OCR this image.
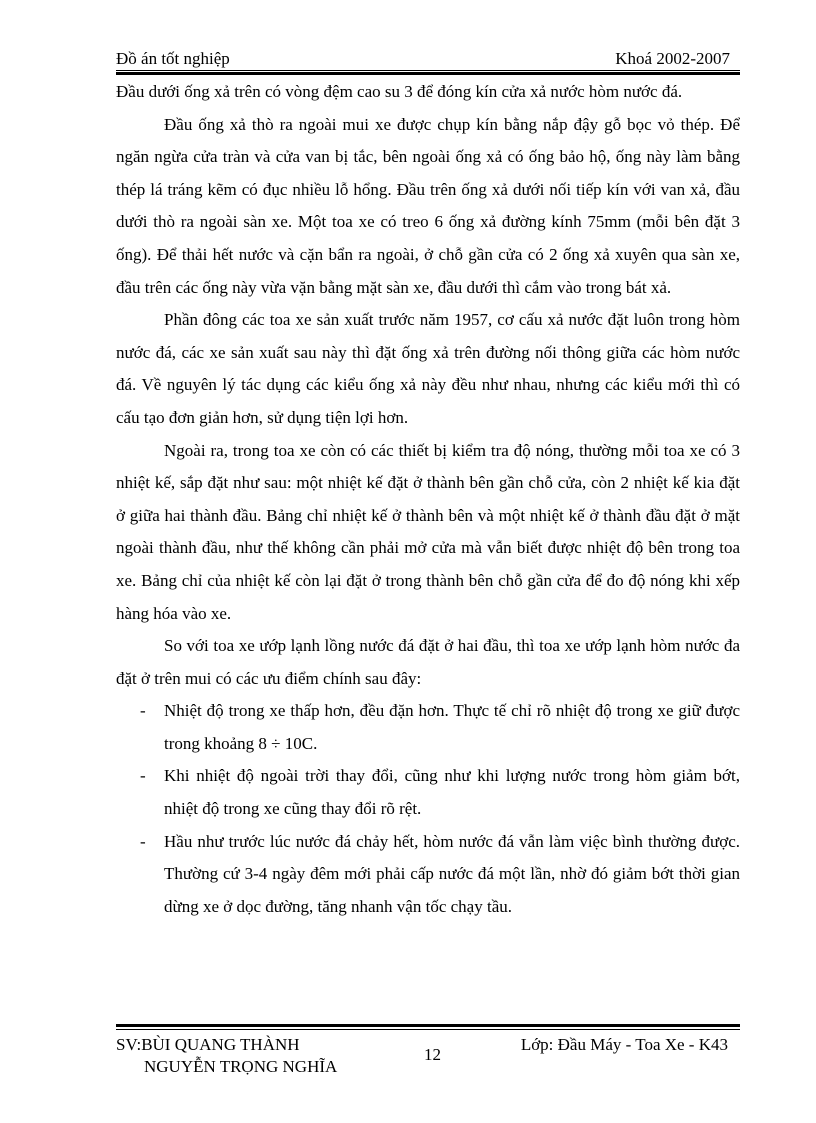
Đồ án tốt nghiệp	Khoá 2002-2007

Đầu dưới ống xả trên có vòng đệm cao su 3 để đóng kín cửa xả nước hòm nước đá.

Đầu ống xả thò ra ngoài mui xe được chụp kín bằng nắp đậy gỗ bọc vỏ thép. Để ngăn ngừa cửa tràn và cửa van bị tắc, bên ngoài ống xả có ống bảo hộ, ống này làm bằng thép lá tráng kẽm có đục nhiều lỗ hổng. Đầu trên ống xả dưới nối tiếp kín với van xả, đầu dưới thò ra ngoài sàn xe. Một toa xe có treo 6 ống xả đường kính 75mm (mỗi bên đặt 3 ống). Để thải hết nước và cặn bẩn ra ngoài, ở chỗ gần cửa có 2 ống xả xuyên qua sàn xe, đầu trên các ống này vừa vặn bằng mặt sàn xe, đầu dưới thì cắm vào trong bát xả.

Phần đông các toa xe sản xuất trước năm 1957, cơ cấu xả nước đặt luôn trong hòm nước đá, các xe sản xuất sau này thì đặt ống xả trên đường nối thông giữa các hòm nước đá. Về nguyên lý tác dụng các kiểu ống xả này đều như nhau, nhưng các kiểu mới thì có cấu tạo đơn giản hơn, sử dụng tiện lợi hơn.

Ngoài ra, trong toa xe còn có các thiết bị kiểm tra độ nóng, thường mỗi toa xe có 3 nhiệt kế, sắp đặt như sau: một nhiệt kế đặt ở thành bên gần chỗ cửa, còn 2 nhiệt kế kia đặt ở giữa hai thành đầu. Bảng chỉ nhiệt kế ở thành bên và một nhiệt kế ở thành đầu đặt ở mặt ngoài thành đầu, như thế không cần phải mở cửa mà vẫn biết được nhiệt độ bên trong toa xe. Bảng chỉ của nhiệt kế còn lại đặt ở trong thành bên chỗ gần cửa để đo độ nóng khi xếp hàng hóa vào xe.

So với toa xe ướp lạnh lồng nước đá đặt ở hai đầu, thì toa xe ướp lạnh hòm nước đa đặt ở trên mui có các ưu điểm chính sau đây:

- Nhiệt độ trong xe thấp hơn, đều đặn hơn. Thực tế chỉ rõ nhiệt độ trong xe giữ được trong khoảng 8 ÷ 10C.
- Khi nhiệt độ ngoài trời thay đổi, cũng như khi lượng nước trong hòm giảm bớt, nhiệt độ trong xe cũng thay đổi rõ rệt.
- Hầu như trước lúc nước đá chảy hết, hòm nước đá vẫn làm việc bình thường được. Thường cứ 3-4 ngày đêm mới phải cấp nước đá một lần, nhờ đó giảm bớt thời gian dừng xe ở dọc đường, tăng nhanh vận tốc chạy tầu.
SV:BÙI QUANG THÀNH
NGUYỄN TRỌNG NGHĨA
12
Lớp: Đầu Máy - Toa Xe - K43
